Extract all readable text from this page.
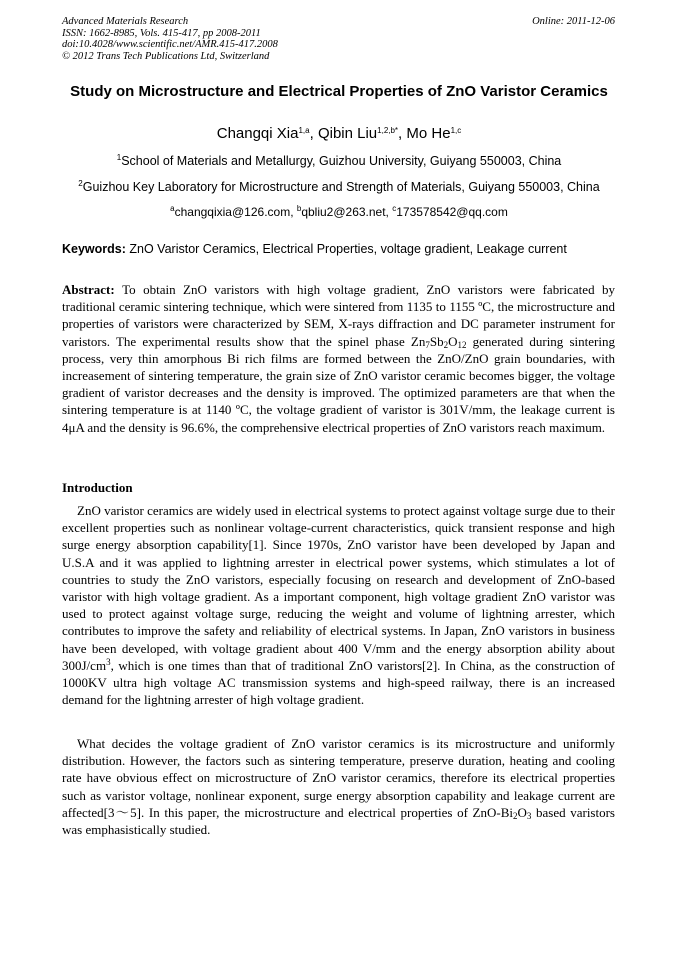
Advanced Materials Research
ISSN: 1662-8985, Vols. 415-417, pp 2008-2011
doi:10.4028/www.scientific.net/AMR.415-417.2008
© 2012 Trans Tech Publications Ltd, Switzerland
Online: 2011-12-06
Study on Microstructure and Electrical Properties of ZnO Varistor Ceramics
Changqi Xia$^{1,a}$, Qibin Liu$^{1,2,b*}$, Mo He$^{1,c}$
$^1$School of Materials and Metallurgy, Guizhou University, Guiyang 550003, China
$^2$Guizhou Key Laboratory for Microstructure and Strength of Materials, Guiyang 550003, China
$^a$changqixia@126.com, $^b$qbliu2@263.net, $^c$173578542@qq.com
Keywords: ZnO Varistor Ceramics, Electrical Properties, voltage gradient, Leakage current
Abstract: To obtain ZnO varistors with high voltage gradient, ZnO varistors were fabricated by traditional ceramic sintering technique, which were sintered from 1135 to 1155 ºC, the microstructure and properties of varistors were characterized by SEM, X-rays diffraction and DC parameter instrument for varistors. The experimental results show that the spinel phase $Zn_7Sb_2O_{12}$ generated during sintering process, very thin amorphous Bi rich films are formed between the ZnO/ZnO grain boundaries, with increasement of sintering temperature, the grain size of ZnO varistor ceramic becomes bigger, the voltage gradient of varistor decreases and the density is improved. The optimized parameters are that when the sintering temperature is at 1140 ºC, the voltage gradient of varistor is 301V/mm, the leakage current is 4μA and the density is 96.6%, the comprehensive electrical properties of ZnO varistors reach maximum.
Introduction
ZnO varistor ceramics are widely used in electrical systems to protect against voltage surge due to their excellent properties such as nonlinear voltage-current characteristics, quick transient response and high surge energy absorption capability[1]. Since 1970s, ZnO varistor have been developed by Japan and U.S.A and it was applied to lightning arrester in electrical power systems, which stimulates a lot of countries to study the ZnO varistors, especially focusing on research and development of ZnO-based varistor with high voltage gradient. As a important component, high voltage gradient ZnO varistor was used to protect against voltage surge, reducing the weight and volume of lightning arrester, which contributes to improve the safety and reliability of electrical systems. In Japan, ZnO varistors in business have been developed, with voltage gradient about 400 V/mm and the energy absorption ability about $300J/cm^3$, which is one times than that of traditional ZnO varistors[2]. In China, as the construction of 1000KV ultra high voltage AC transmission systems and high-speed railway, there is an increased demand for the lightning arrester of high voltage gradient.
What decides the voltage gradient of ZnO varistor ceramics is its microstructure and uniformly distribution. However, the factors such as sintering temperature, preserve duration, heating and cooling rate have obvious effect on microstructure of ZnO varistor ceramics, therefore its electrical properties such as varistor voltage, nonlinear exponent, surge energy absorption capability and leakage current are affected[3～5]. In this paper, the microstructure and electrical properties of ZnO-$Bi_2O_3$ based varistors was emphasistically studied.
